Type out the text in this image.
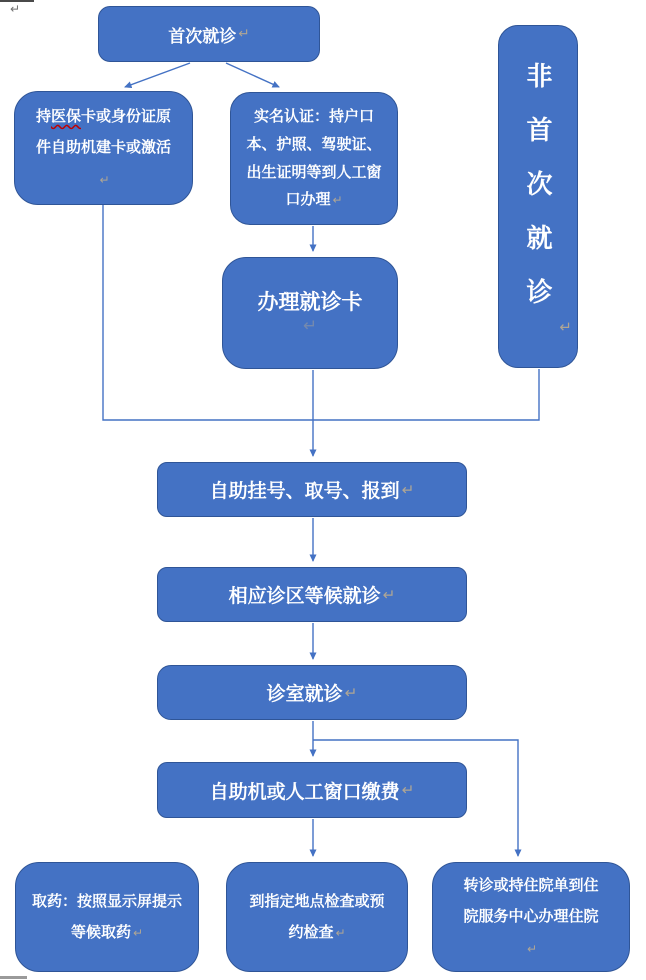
↵
首次就诊 ↵
持医保卡或身份证原件自助机建卡或激活↵
实名认证：持户口本、护照、驾驶证、出生证明等到人工窗口办理 ↵	非首次就诊 ↵
办理就诊卡
↵
自助挂号、取号、报到 ↵
相应诊区等候就诊 ↵
诊室就诊 ↵
自助机或人工窗口缴费 ↵
取药：按照显示屏提示等候取药 ↵
到指定地点检查或预约检查 ↵
转诊或持住院单到住院服务中心办理住院↵
